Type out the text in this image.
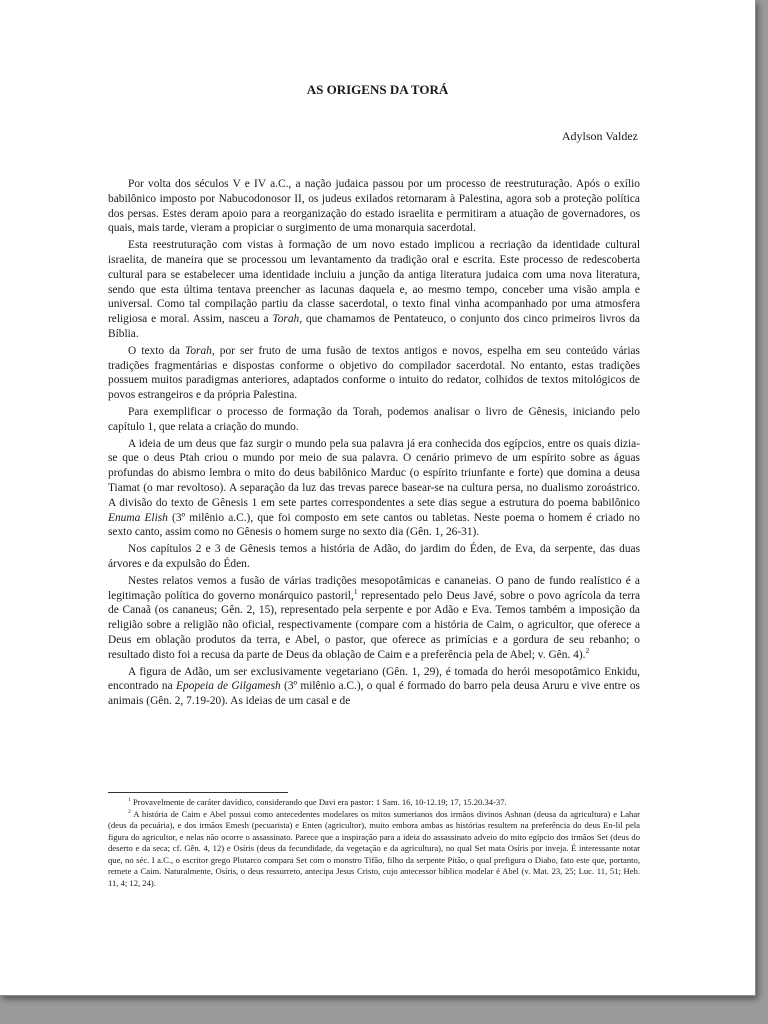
AS ORIGENS DA TORÁ
Adylson Valdez

Por volta dos séculos V e IV a.C., a nação judaica passou por um processo de reestruturação. Após o exílio babilônico imposto por Nabucodonosor II, os judeus exilados retornaram à Palestina, agora sob a proteção política dos persas. Estes deram apoio para a reorganização do estado israelita e permitiram a atuação de governadores, os quais, mais tarde, vieram a propiciar o surgimento de uma monarquia sacerdotal.

Esta reestruturação com vistas à formação de um novo estado implicou a recriação da identidade cultural israelita, de maneira que se processou um levantamento da tradição oral e escrita. Este processo de redescoberta cultural para se estabelecer uma identidade incluiu a junção da antiga literatura judaica com uma nova literatura, sendo que esta última tentava preencher as lacunas daquela e, ao mesmo tempo, conceber uma visão ampla e universal. Como tal compilação partiu da classe sacerdotal, o texto final vinha acompanhado por uma atmosfera religiosa e moral. Assim, nasceu a Torah, que chamamos de Pentateuco, o conjunto dos cinco primeiros livros da Bíblia.

O texto da Torah, por ser fruto de uma fusão de textos antigos e novos, espelha em seu conteúdo várias tradições fragmentárias e dispostas conforme o objetivo do compilador sacerdotal. No entanto, estas tradições possuem muitos paradigmas anteriores, adaptados conforme o intuito do redator, colhidos de textos mitológicos de povos estrangeiros e da própria Palestina.

Para exemplificar o processo de formação da Torah, podemos analisar o livro de Gênesis, iniciando pelo capítulo 1, que relata a criação do mundo.

A ideia de um deus que faz surgir o mundo pela sua palavra já era conhecida dos egípcios, entre os quais dizia-se que o deus Ptah criou o mundo por meio de sua palavra. O cenário primevo de um espírito sobre as águas profundas do abismo lembra o mito do deus babilônico Marduc (o espírito triunfante e forte) que domina a deusa Tiamat (o mar revoltoso). A separação da luz das trevas parece basear-se na cultura persa, no dualismo zoroástrico. A divisão do texto de Gênesis 1 em sete partes correspondentes a sete dias segue a estrutura do poema babilônico Enuma Elish (3º milênio a.C.), que foi composto em sete cantos ou tabletas. Neste poema o homem é criado no sexto canto, assim como no Gênesis o homem surge no sexto dia (Gên. 1, 26-31).

Nos capítulos 2 e 3 de Gênesis temos a história de Adão, do jardim do Éden, de Eva, da serpente, das duas árvores e da expulsão do Éden.

Nestes relatos vemos a fusão de várias tradições mesopotâmicas e cananeias. O pano de fundo realístico é a legitimação política do governo monárquico pastoril,$^1$ representado pelo Deus Javé, sobre o povo agrícola da terra de Canaã (os cananeus; Gên. 2, 15), representado pela serpente e por Adão e Eva. Temos também a imposição da religião sobre a religião não oficial, respectivamente (compare com a história de Caim, o agricultor, que oferece a Deus em oblação produtos da terra, e Abel, o pastor, que oferece as primícias e a gordura de seu rebanho; o resultado disto foi a recusa da parte de Deus da oblação de Caim e a preferência pela de Abel; v. Gên. 4).$^2$

A figura de Adão, um ser exclusivamente vegetariano (Gên. 1, 29), é tomada do herói mesopotâmico Enkidu, encontrado na Epopeia de Gilgamesh (3º milênio a.C.), o qual é formado do barro pela deusa Aruru e vive entre os animais (Gên. 2, 7.19-20). As ideias de um casal e de

$^1$ Provavelmente de caráter davídico, considerando que Davi era pastor: 1 Sam. 16, 10-12.19; 17, 15.20.34-37.

$^2$ A história de Caim e Abel possui como antecedentes modelares os mitos sumerianos dos irmãos divinos Ashnan (deusa da agricultura) e Lahar (deus da pecuária), e dos irmãos Emesh (pecuarista) e Enten (agricultor), muito embora ambas as histórias resultem na preferência do deus En-lil pela figura do agricultor, e nelas não ocorre o assassinato. Parece que a inspiração para a ideia do assassinato adveio do mito egípcio dos irmãos Set (deus do deserto e da seca; cf. Gên. 4, 12) e Osíris (deus da fecundidade, da vegetação e da agricultura), no qual Set mata Osíris por inveja. É interessante notar que, no séc. I a.C., o escritor grego Plutarco compara Set com o monstro Tifão, filho da serpente Pitão, o qual prefigura o Diabo, fato este que, portanto, remete a Caim. Naturalmente, Osíris, o deus ressurreto, antecipa Jesus Cristo, cujo antecessor bíblico modelar é Abel (v. Mat. 23, 25; Luc. 11, 51; Heb. 11, 4; 12, 24).
